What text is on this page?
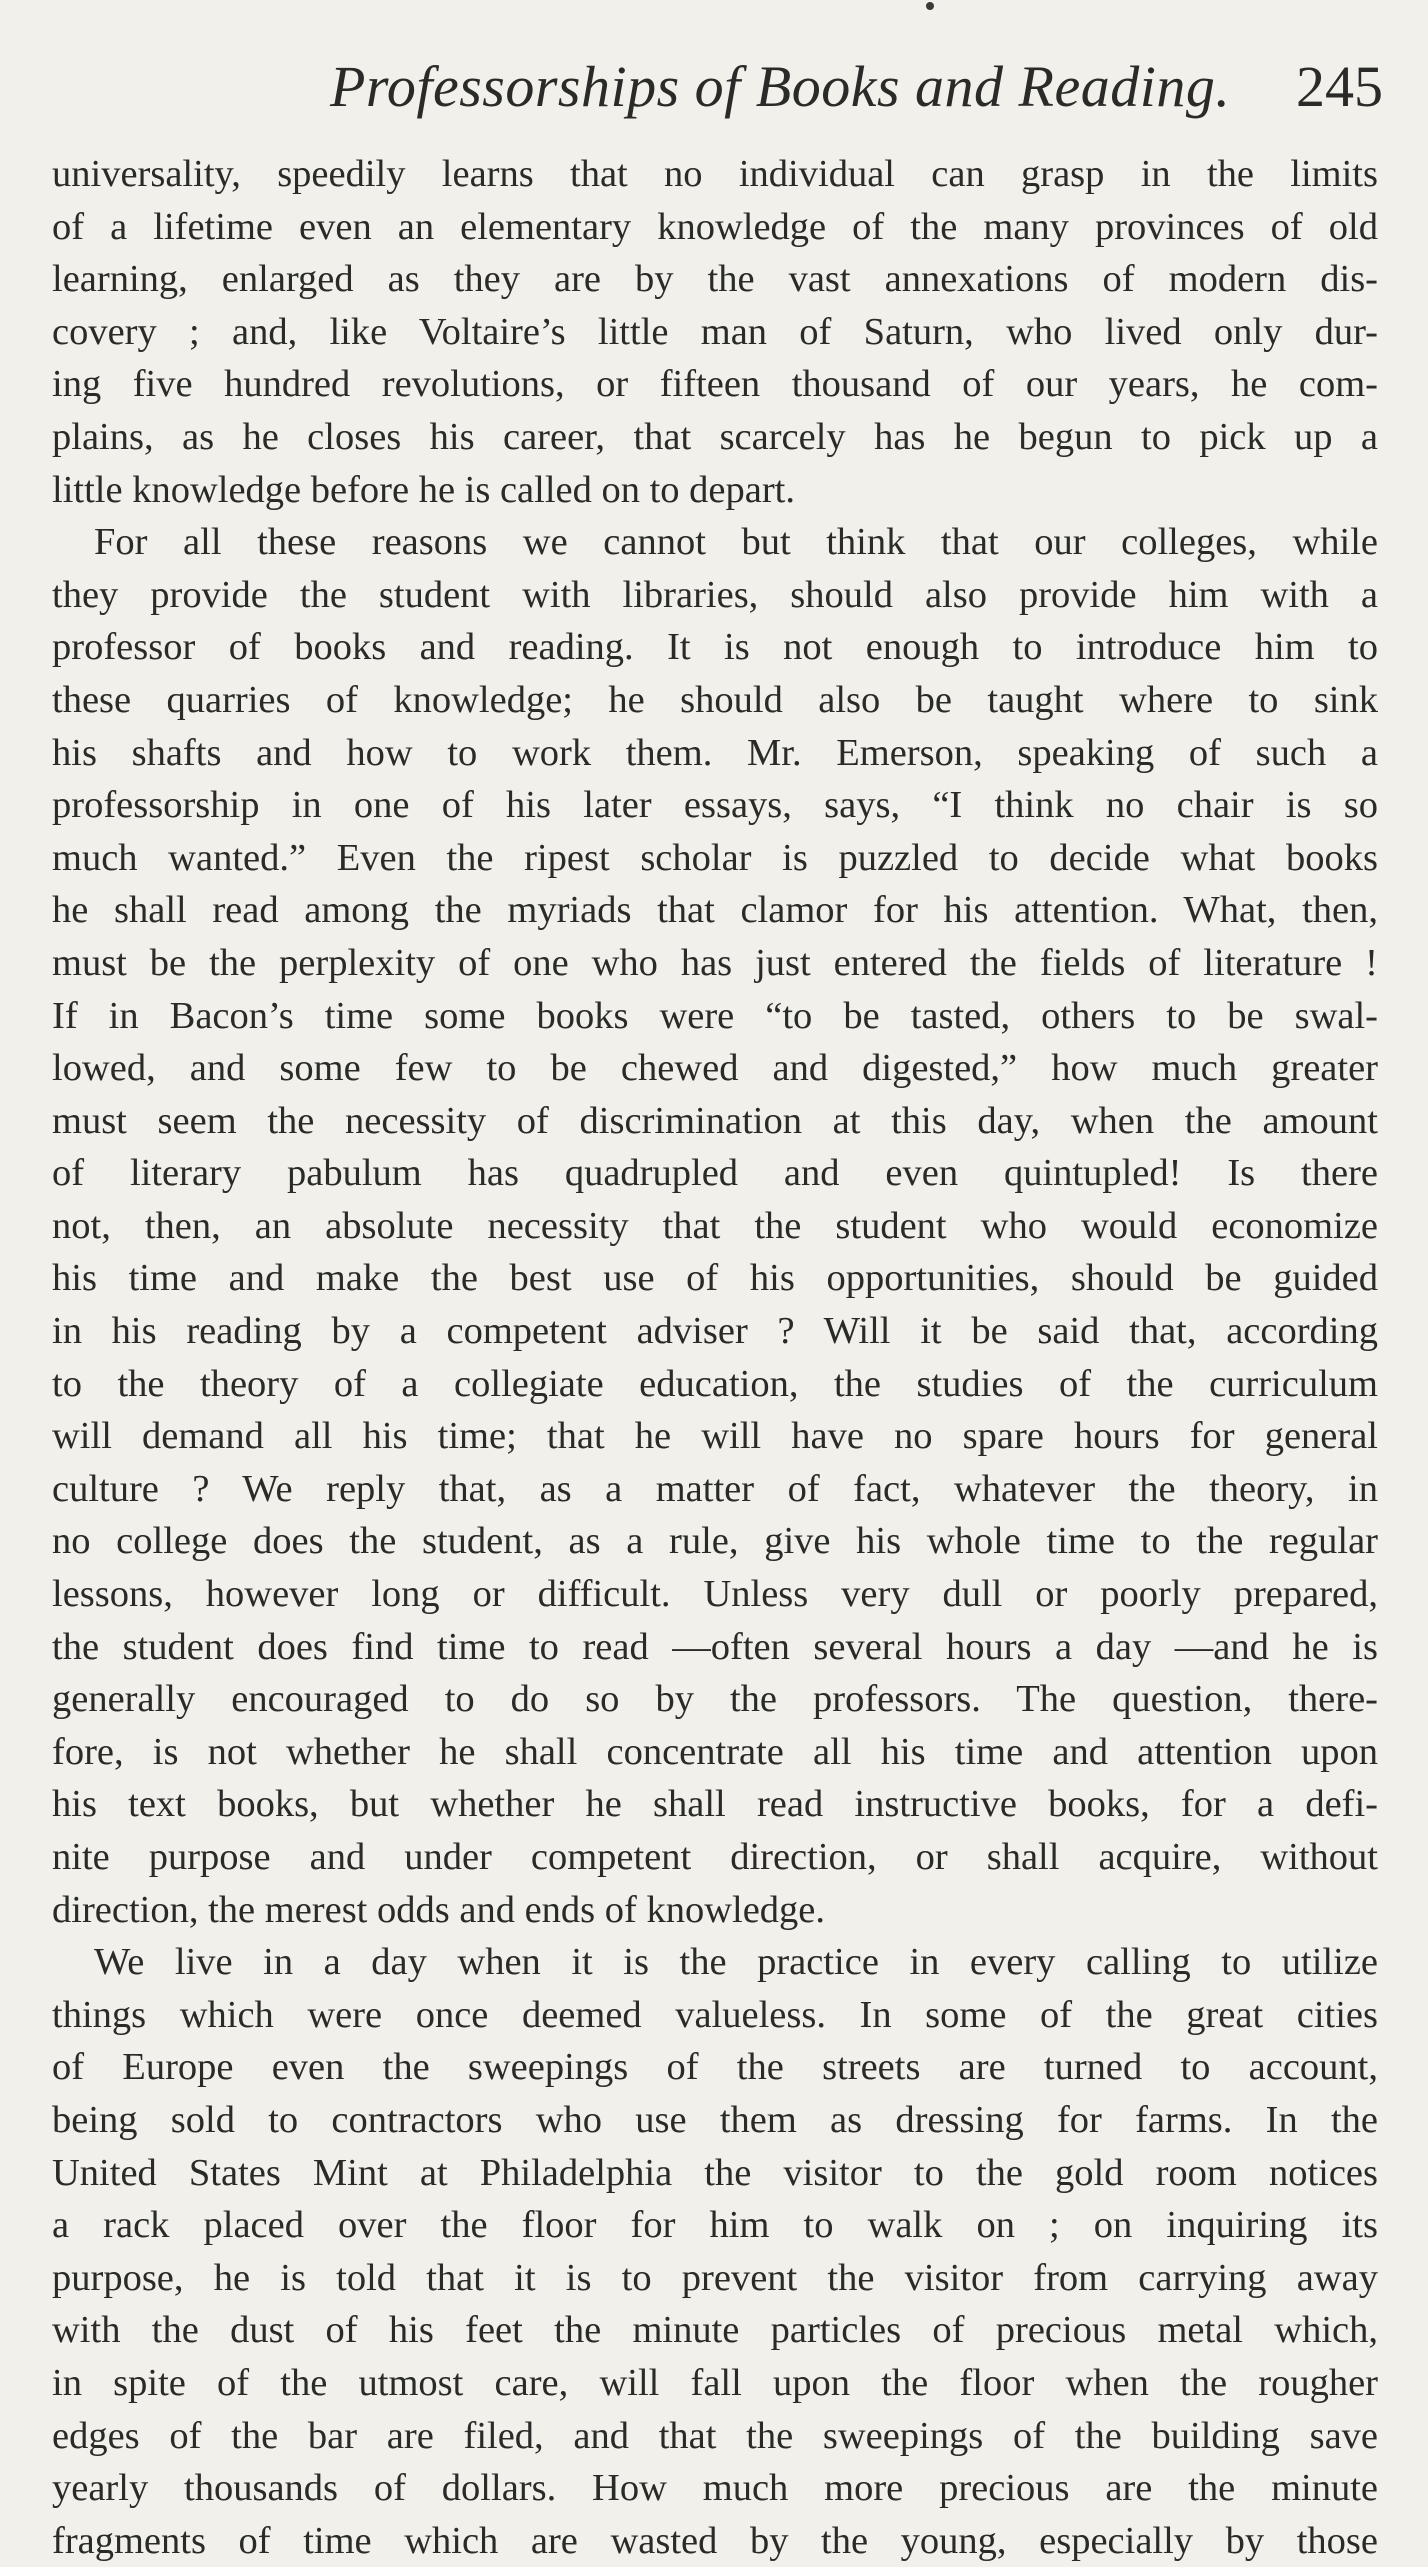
Professorships of Books and Reading. 245
universality, speedily learns that no individual can grasp in the limits
of a lifetime even an elementary knowledge of the many provinces of old
learning, enlarged as they are by the vast annexations of modern dis-
covery ; and, like Voltaire’s little man of Saturn, who lived only dur-
ing five hundred revolutions, or fifteen thousand of our years, he com-
plains, as he closes his career, that scarcely has he begun to pick up a
little knowledge before he is called on to depart.
For all these reasons we cannot but think that our colleges, while
they provide the student with libraries, should also provide him with a
professor of books and reading. It is not enough to introduce him to
these quarries of knowledge; he should also be taught where to sink
his shafts and how to work them. Mr. Emerson, speaking of such a
professorship in one of his later essays, says, “I think no chair is so
much wanted.” Even the ripest scholar is puzzled to decide what books
he shall read among the myriads that clamor for his attention. What, then,
must be the perplexity of one who has just entered the fields of literature !
If in Bacon’s time some books were “to be tasted, others to be swal-
lowed, and some few to be chewed and digested,” how much greater
must seem the necessity of discrimination at this day, when the amount
of literary pabulum has quadrupled and even quintupled! Is there
not, then, an absolute necessity that the student who would economize
his time and make the best use of his opportunities, should be guided
in his reading by a competent adviser ? Will it be said that, according
to the theory of a collegiate education, the studies of the curriculum
will demand all his time; that he will have no spare hours for general
culture ? We reply that, as a matter of fact, whatever the theory, in
no college does the student, as a rule, give his whole time to the regular
lessons, however long or difficult. Unless very dull or poorly prepared,
the student does find time to read —often several hours a day —and he is
generally encouraged to do so by the professors. The question, there-
fore, is not whether he shall concentrate all his time and attention upon
his text books, but whether he shall read instructive books, for a defi-
nite purpose and under competent direction, or shall acquire, without
direction, the merest odds and ends of knowledge.
We live in a day when it is the practice in every calling to utilize
things which were once deemed valueless. In some of the great cities
of Europe even the sweepings of the streets are turned to account,
being sold to contractors who use them as dressing for farms. In the
United States Mint at Philadelphia the visitor to the gold room notices
a rack placed over the floor for him to walk on ; on inquiring its
purpose, he is told that it is to prevent the visitor from carrying away
with the dust of his feet the minute particles of precious metal which,
in spite of the utmost care, will fall upon the floor when the rougher
edges of the bar are filed, and that the sweepings of the building save
yearly thousands of dollars. How much more precious are the minute
fragments of time which are wasted by the young, especially by those
